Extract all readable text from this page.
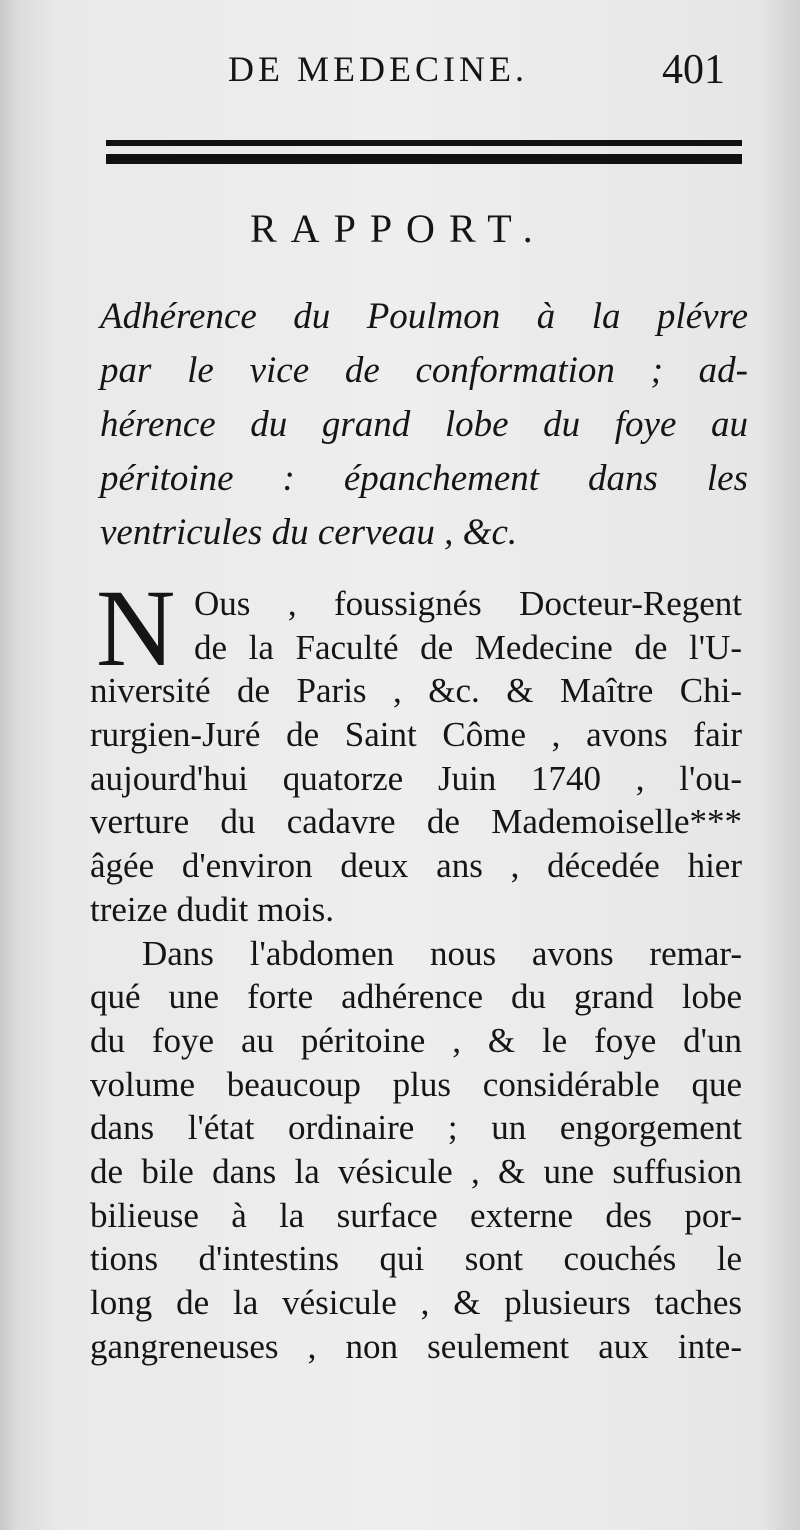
DE MEDECINE.	401
RAPPORT.
Adhérence du Poulmon à la plévre
par le vice de conformation ; ad-
hérence du grand lobe du foye au
péritoine : épanchement dans les
ventricules du cerveau , &c.
N Ous , foussignés Docteur-Regent
de la Faculté de Medecine de l'U-
niversité de Paris , &c. & Maître Chi-
rurgien-Juré de Saint Côme , avons fair
aujourd'hui quatorze Juin 1740 , l'ou-
verture du cadavre de Mademoiselle***
âgée d'environ deux ans , décedée hier
treize dudit mois.
Dans l'abdomen nous avons remar-
qué une forte adhérence du grand lobe
du foye au péritoine , & le foye d'un
volume beaucoup plus considérable que
dans l'état ordinaire ; un engorgement
de bile dans la vésicule , & une suffusion
bilieuse à la surface externe des por-
tions d'intestins qui sont couchés le
long de la vésicule , & plusieurs taches
gangreneuses , non seulement aux inte-
